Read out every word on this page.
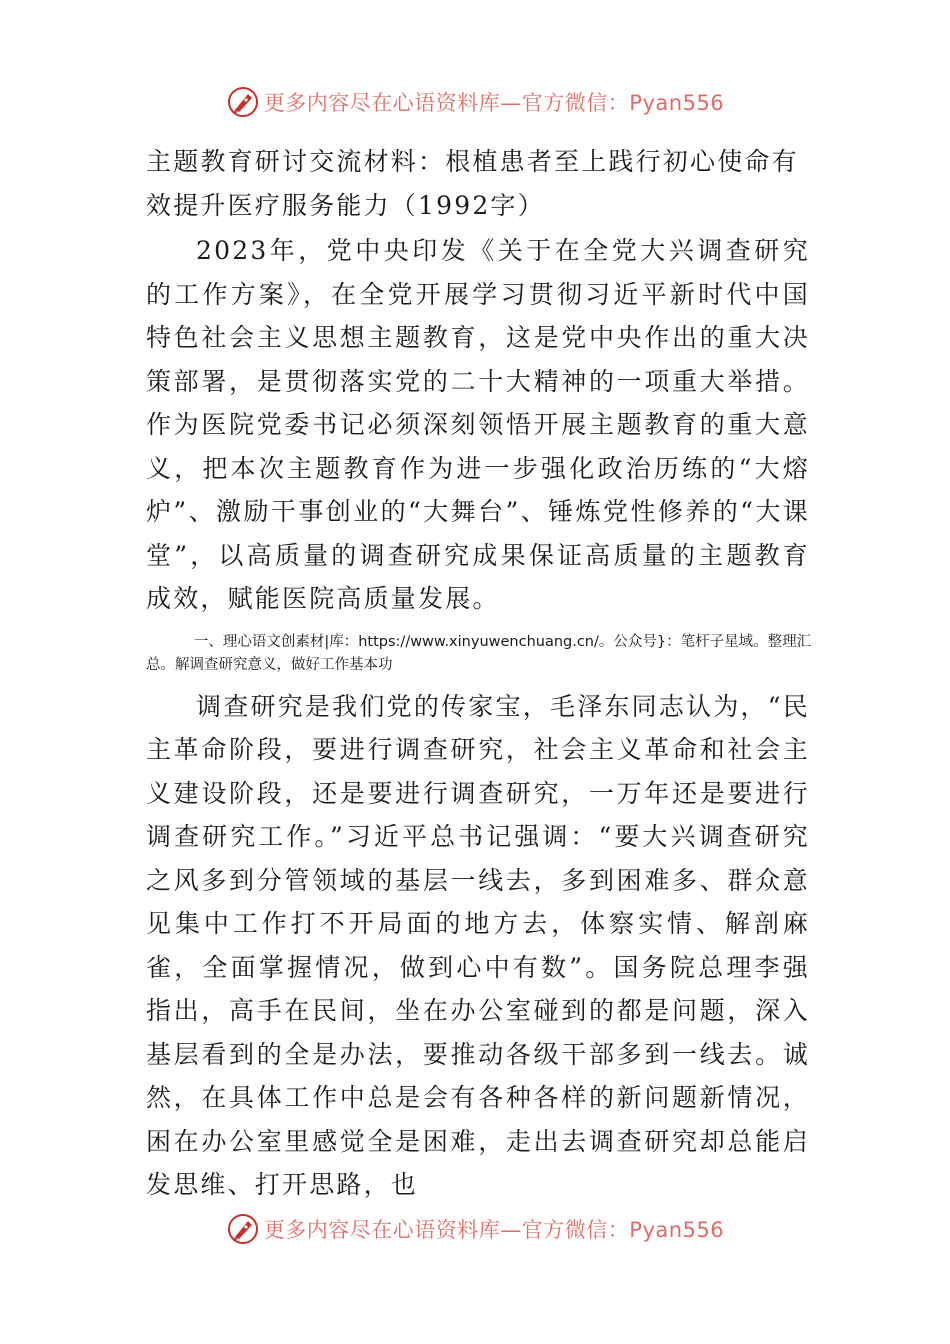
更多内容尽在心语资料库—官方微信：Pyan556
主题教育研讨交流材料：根植患者至上践行初心使命有效提升医疗服务能力（1992字）

2023年，党中央印发《关于在全党大兴调查研究的工作方案》，在全党开展学习贯彻习近平新时代中国特色社会主义思想主题教育，这是党中央作出的重大决策部署，是贯彻落实党的二十大精神的一项重大举措。作为医院党委书记必须深刻领悟开展主题教育的重大意义，把本次主题教育作为进一步强化政治历练的“大熔炉”、激励干事创业的“大舞台”、锤炼党性修养的“大课堂”，以高质量的调查研究成果保证高质量的主题教育成效，赋能医院高质量发展。

一、理心语文创素材|库：https://www.xinyuwenchuang.cn/。公众号}：笔杆子星域。整理汇总。解调查研究意义，做好工作基本功

调查研究是我们党的传家宝，毛泽东同志认为，“民主革命阶段，要进行调查研究，社会主义革命和社会主义建设阶段，还是要进行调查研究，一万年还是要进行调查研究工作。”习近平总书记强调：“要大兴调查研究之风多到分管领域的基层一线去，多到困难多、群众意见集中工作打不开局面的地方去，体察实情、解剖麻雀，全面掌握情况，做到心中有数”。国务院总理李强指出，高手在民间，坐在办公室碰到的都是问题，深入基层看到的全是办法，要推动各级干部多到一线去。诚然，在具体工作中总是会有各种各样的新问题新情况，困在办公室里感觉全是困难，走出去调查研究却总能启发思维、打开思路，也

更多内容尽在心语资料库—官方微信：Pyan556
